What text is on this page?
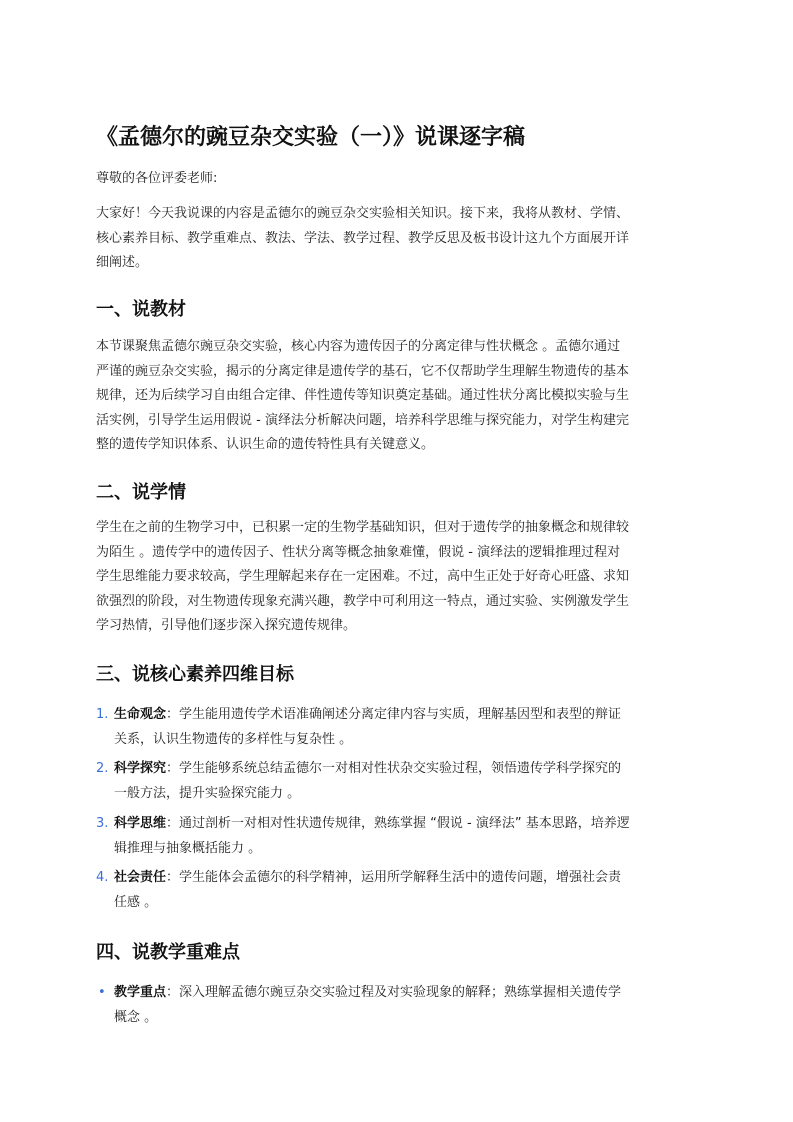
《孟德尔的豌豆杂交实验（一）》说课逐字稿
尊敬的各位评委老师:
大家好！今天我说课的内容是孟德尔的豌豆杂交实验相关知识。接下来，我将从教材、学情、
核心素养目标、教学重难点、教法、学法、教学过程、教学反思及板书设计这九个方面展开详
细阐述。
一、说教材
本节课聚焦孟德尔豌豆杂交实验，核心内容为遗传因子的分离定律与性状概念 。孟德尔通过
严谨的豌豆杂交实验，揭示的分离定律是遗传学的基石，它不仅帮助学生理解生物遗传的基本
规律，还为后续学习自由组合定律、伴性遗传等知识奠定基础。通过性状分离比模拟实验与生
活实例，引导学生运用假说 - 演绎法分析解决问题，培养科学思维与探究能力，对学生构建完
整的遗传学知识体系、认识生命的遗传特性具有关键意义。
二、说学情
学生在之前的生物学习中，已积累一定的生物学基础知识，但对于遗传学的抽象概念和规律较
为陌生 。遗传学中的遗传因子、性状分离等概念抽象难懂，假说 - 演绎法的逻辑推理过程对
学生思维能力要求较高，学生理解起来存在一定困难。不过，高中生正处于好奇心旺盛、求知
欲强烈的阶段，对生物遗传现象充满兴趣，教学中可利用这一特点，通过实验、实例激发学生
学习热情，引导他们逐步深入探究遗传规律。
三、说核心素养四维目标
1. 生命观念：学生能用遗传学术语准确阐述分离定律内容与实质，理解基因型和表型的辩证
关系，认识生物遗传的多样性与复杂性 。
2. 科学探究：学生能够系统总结孟德尔一对相对性状杂交实验过程，领悟遗传学科学探究的
一般方法，提升实验探究能力 。
3. 科学思维：通过剖析一对相对性状遗传规律，熟练掌握 “假说 - 演绎法” 基本思路，培养逻
辑推理与抽象概括能力 。
4. 社会责任：学生能体会孟德尔的科学精神，运用所学解释生活中的遗传问题，增强社会责
任感 。
四、说教学重难点
• 教学重点：深入理解孟德尔豌豆杂交实验过程及对实验现象的解释；熟练掌握相关遗传学
概念 。
